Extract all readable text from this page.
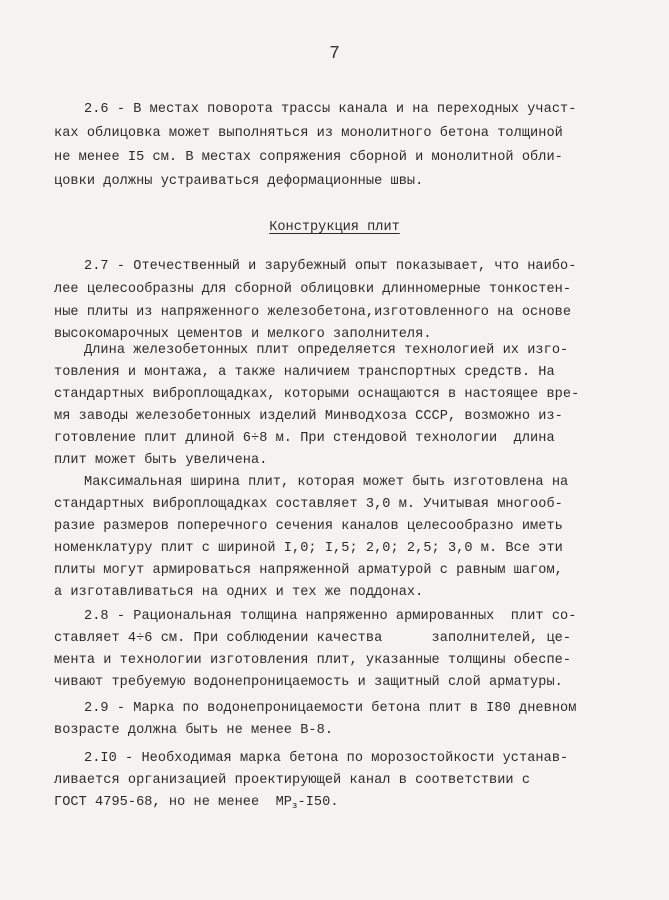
7
2.6 - В местах поворота трассы канала и на переходных участ-
ках облицовка может выполняться из монолитного бетона толщиной
не менее I5 см. В местах сопряжения сборной и монолитной обли-
цовки должны устраиваться деформационные швы.
Конструкция плит
2.7 - Отечественный и зарубежный опыт показывает, что наибо-
лее целесообразны для сборной облицовки длинномерные тонкостен-
ные плиты из напряженного железобетона,изготовленного на основе
высокомарочных цементов и мелкого заполнителя.
Длина железобетонных плит определяется технологией их изго-
товления и монтажа, а также наличием транспортных средств. На
стандартных виброплощадках, которыми оснащаются в настоящее вре-
мя заводы железобетонных изделий Минводхоза СССР, возможно из-
готовление плит длиной 6÷8 м. При стендовой технологии  длина
плит может быть увеличена.
Максимальная ширина плит, которая может быть изготовлена на
стандартных виброплощадках составляет 3,0 м. Учитывая многооб-
разие размеров поперечного сечения каналов целесообразно иметь
номенклатуру плит с шириной I,0; I,5; 2,0; 2,5; 3,0 м. Все эти
плиты могут армироваться напряженной арматурой с равным шагом,
а изготавливаться на одних и тех же поддонах.
2.8 - Рациональная толщина напряженно армированных  плит со-
ставляет 4÷6 см. При соблюдении качества      заполнителей, це-
мента и технологии изготовления плит, указанные толщины обеспе-
чивают требуемую водонепроницаемость и защитный слой арматуры.
2.9 - Марка по водонепроницаемости бетона плит в I80 дневном
возрасте должна быть не менее В-8.
2.I0 - Необходимая марка бетона по морозостойкости устанав-
ливается организацией проектирующей канал в соответствии с
ГОСТ 4795-68, но не менее  $МР_з-I50$.
